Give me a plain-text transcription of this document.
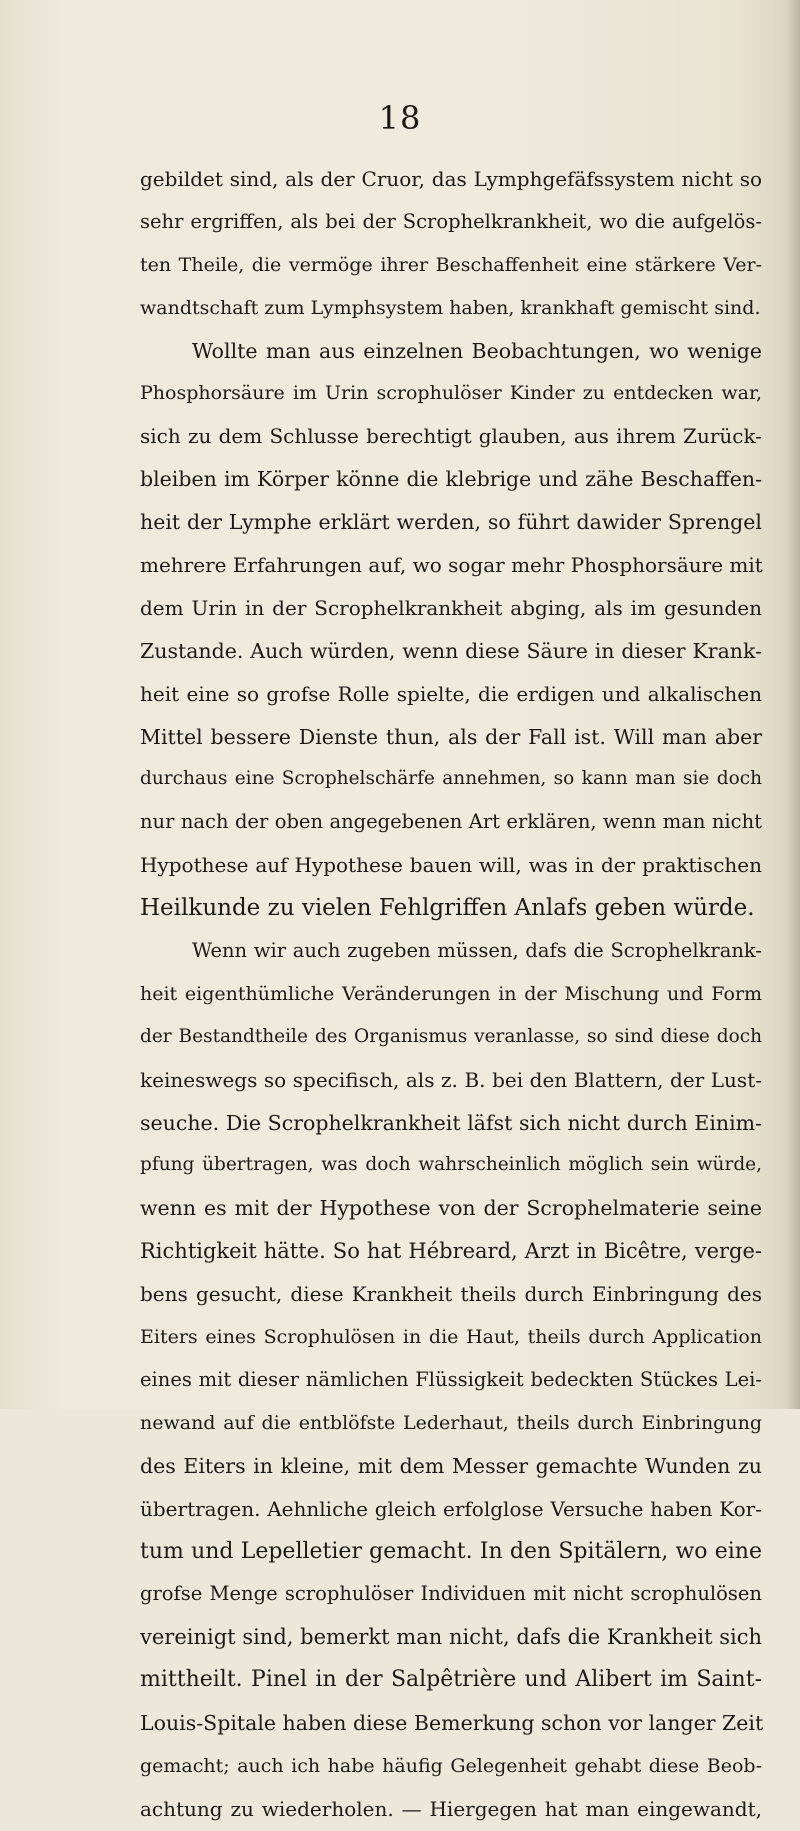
18
gebildet sind, als der Cruor, das Lymphgefäfssystem nicht so
sehr ergriffen, als bei der Scrophelkrankheit, wo die aufgelös-
ten Theile, die vermöge ihrer Beschaffenheit eine stärkere Ver-
wandtschaft zum Lymphsystem haben, krankhaft gemischt sind.
Wollte man aus einzelnen Beobachtungen, wo wenige
Phosphorsäure im Urin scrophulöser Kinder zu entdecken war,
sich zu dem Schlusse berechtigt glauben, aus ihrem Zurück-
bleiben im Körper könne die klebrige und zähe Beschaffen-
heit der Lymphe erklärt werden, so führt dawider Sprengel
mehrere Erfahrungen auf, wo sogar mehr Phosphorsäure mit
dem Urin in der Scrophelkrankheit abging, als im gesunden
Zustande. Auch würden, wenn diese Säure in dieser Krank-
heit eine so grofse Rolle spielte, die erdigen und alkalischen
Mittel bessere Dienste thun, als der Fall ist. Will man aber
durchaus eine Scrophelschärfe annehmen, so kann man sie doch
nur nach der oben angegebenen Art erklären, wenn man nicht
Hypothese auf Hypothese bauen will, was in der praktischen
Heilkunde zu vielen Fehlgriffen Anlafs geben würde.
Wenn wir auch zugeben müssen, dafs die Scrophelkrank-
heit eigenthümliche Veränderungen in der Mischung und Form
der Bestandtheile des Organismus veranlasse, so sind diese doch
keineswegs so specifisch, als z. B. bei den Blattern, der Lust-
seuche. Die Scrophelkrankheit läfst sich nicht durch Einim-
pfung übertragen, was doch wahrscheinlich möglich sein würde,
wenn es mit der Hypothese von der Scrophelmaterie seine
Richtigkeit hätte. So hat Hébreard, Arzt in Bicêtre, verge-
bens gesucht, diese Krankheit theils durch Einbringung des
Eiters eines Scrophulösen in die Haut, theils durch Application
eines mit dieser nämlichen Flüssigkeit bedeckten Stückes Lei-
newand auf die entblöfste Lederhaut, theils durch Einbringung
des Eiters in kleine, mit dem Messer gemachte Wunden zu
übertragen. Aehnliche gleich erfolglose Versuche haben Kor-
tum und Lepelletier gemacht. In den Spitälern, wo eine
grofse Menge scrophulöser Individuen mit nicht scrophulösen
vereinigt sind, bemerkt man nicht, dafs die Krankheit sich
mittheilt. Pinel in der Salpêtrière und Alibert im Saint-
Louis-Spitale haben diese Bemerkung schon vor langer Zeit
gemacht; auch ich habe häufig Gelegenheit gehabt diese Beob-
achtung zu wiederholen. — Hiergegen hat man eingewandt,
